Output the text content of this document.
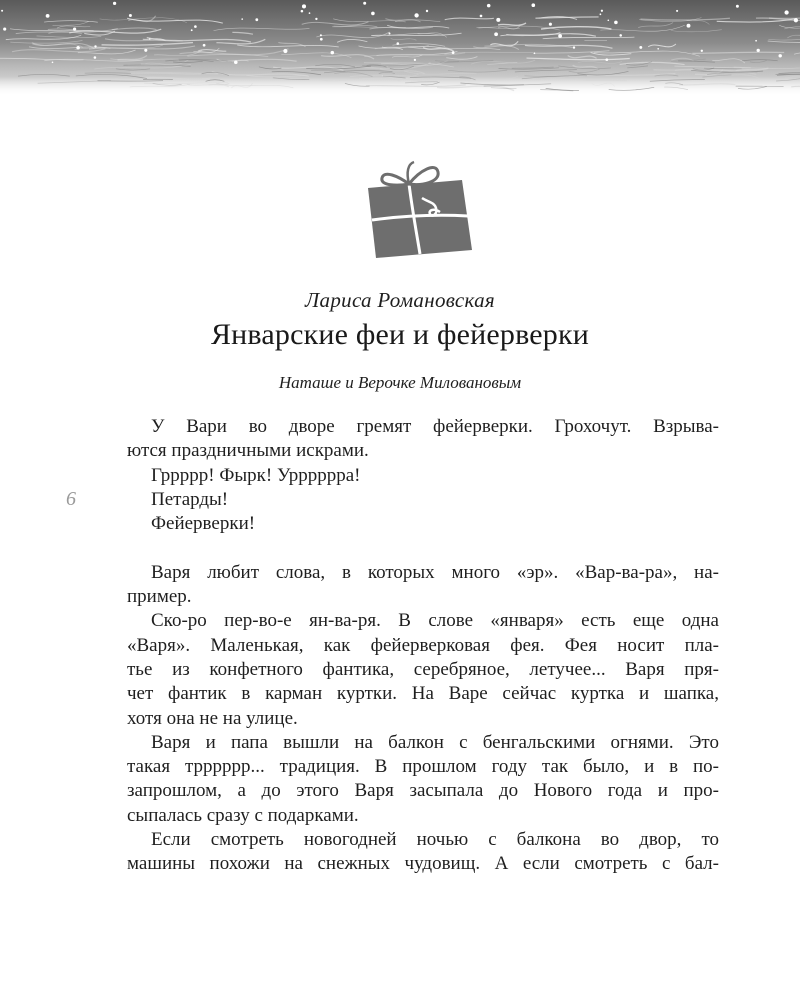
Лариса Романовская
Январские феи и фейерверки
Наташе и Верочке Миловановым
6
У Вари во дворе гремят фейерверки. Грохочут. Взрыва-
ются праздничными искрами.
Гррррр! Фырк! Урррррра!
Петарды!
Фейерверки!
Варя любит слова, в которых много «эр». «Вар-ва-ра», на-
пример.
Ско-ро пер-во-е ян-ва-ря. В слове «января» есть еще одна
«Варя». Маленькая, как фейерверковая фея. Фея носит пла-
тье из конфетного фантика, серебряное, летучее... Варя пря-
чет фантик в карман куртки. На Варе сейчас куртка и шапка,
хотя она не на улице.
Варя и папа вышли на балкон с бенгальскими огнями. Это
такая трррррр... традиция. В прошлом году так было, и в по-
запрошлом, а до этого Варя засыпала до Нового года и про-
сыпалась сразу с подарками.
Если смотреть новогодней ночью с балкона во двор, то
машины похожи на снежных чудовищ. А если смотреть с бал-
